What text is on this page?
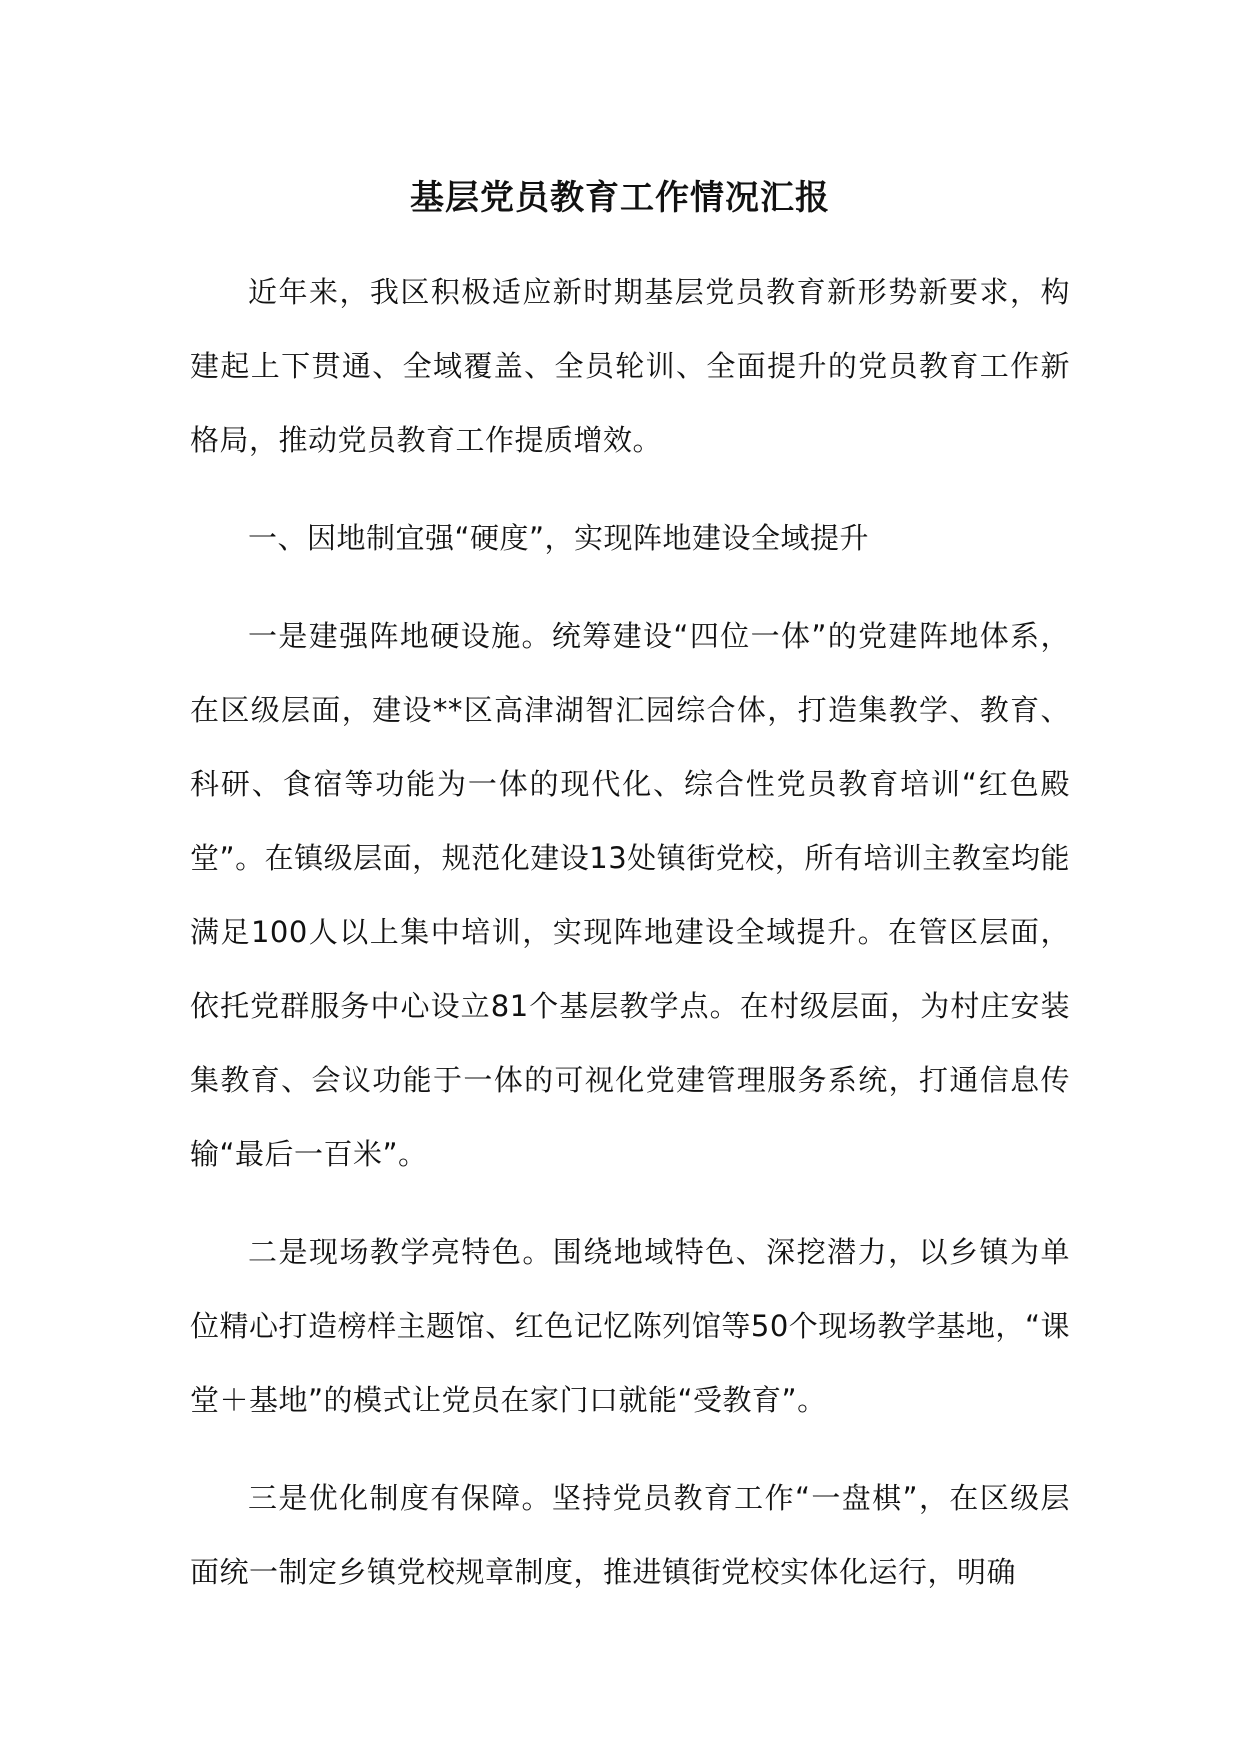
基层党员教育工作情况汇报

近年来，我区积极适应新时期基层党员教育新形势新要求，构建起上下贯通、全域覆盖、全员轮训、全面提升的党员教育工作新格局，推动党员教育工作提质增效。

一、因地制宜强“硬度”，实现阵地建设全域提升

一是建强阵地硬设施。统筹建设“四位一体”的党建阵地体系，在区级层面，建设**区高津湖智汇园综合体，打造集教学、教育、科研、食宿等功能为一体的现代化、综合性党员教育培训“红色殿堂”。在镇级层面，规范化建设13处镇街党校，所有培训主教室均能满足100人以上集中培训，实现阵地建设全域提升。在管区层面，依托党群服务中心设立81个基层教学点。在村级层面，为村庄安装集教育、会议功能于一体的可视化党建管理服务系统，打通信息传输“最后一百米”。

二是现场教学亮特色。围绕地域特色、深挖潜力，以乡镇为单位精心打造榜样主题馆、红色记忆陈列馆等50个现场教学基地，“课堂＋基地”的模式让党员在家门口就能“受教育”。

三是优化制度有保障。坚持党员教育工作“一盘棋”，在区级层面统一制定乡镇党校规章制度，推进镇街党校实体化运行，明确
